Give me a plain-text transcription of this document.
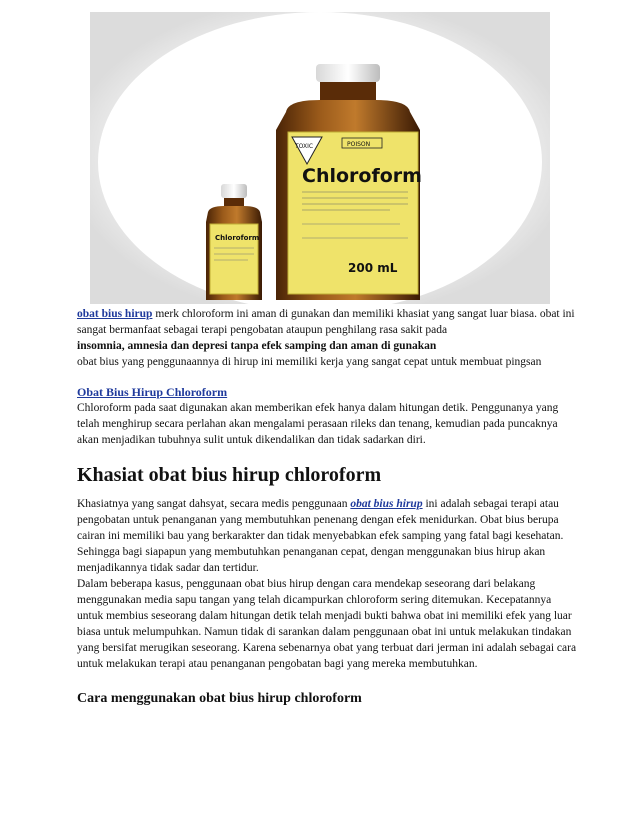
TOXIC	POISON
Chloroform
200 mL
Chloroform

obat bius hirup merk chloroform ini aman di gunakan dan memiliki khasiat yang sangat luar biasa. obat ini sangat bermanfaat sebagai terapi pengobatan ataupun penghilang rasa sakit pada

insomnia, amnesia dan depresi tanpa efek samping dan aman di gunakan

obat bius yang penggunaannya di hirup ini memiliki kerja yang sangat cepat untuk membuat pingsan

Obat Bius Hirup Chloroform

Chloroform pada saat digunakan akan memberikan efek hanya dalam hitungan detik. Penggunanya yang telah menghirup secara perlahan akan mengalami perasaan rileks dan tenang, kemudian pada puncaknya akan menjadikan tubuhnya sulit untuk dikendalikan dan tidak sadarkan diri.

Khasiat obat bius hirup chloroform

Khasiatnya yang sangat dahsyat, secara medis penggunaan obat bius hirup ini adalah sebagai terapi atau pengobatan untuk penanganan yang membutuhkan penenang dengan efek menidurkan. Obat bius berupa cairan ini memiliki bau yang berkarakter dan tidak menyebabkan efek samping yang fatal bagi kesehatan. Sehingga bagi siapapun yang membutuhkan penanganan cepat, dengan menggunakan bius hirup akan menjadikannya tidak sadar dan tertidur.

Dalam beberapa kasus, penggunaan obat bius hirup dengan cara mendekap seseorang dari belakang menggunakan media sapu tangan yang telah dicampurkan chloroform sering ditemukan. Kecepatannya untuk membius seseorang dalam hitungan detik telah menjadi bukti bahwa obat ini memiliki efek yang luar biasa untuk melumpuhkan. Namun tidak di sarankan dalam penggunaan obat ini untuk melakukan tindakan yang bersifat merugikan seseorang. Karena sebenarnya obat yang terbuat dari jerman ini adalah sebagai cara untuk melakukan terapi atau penanganan pengobatan bagi yang mereka membutuhkan.

Cara menggunakan obat bius hirup chloroform
